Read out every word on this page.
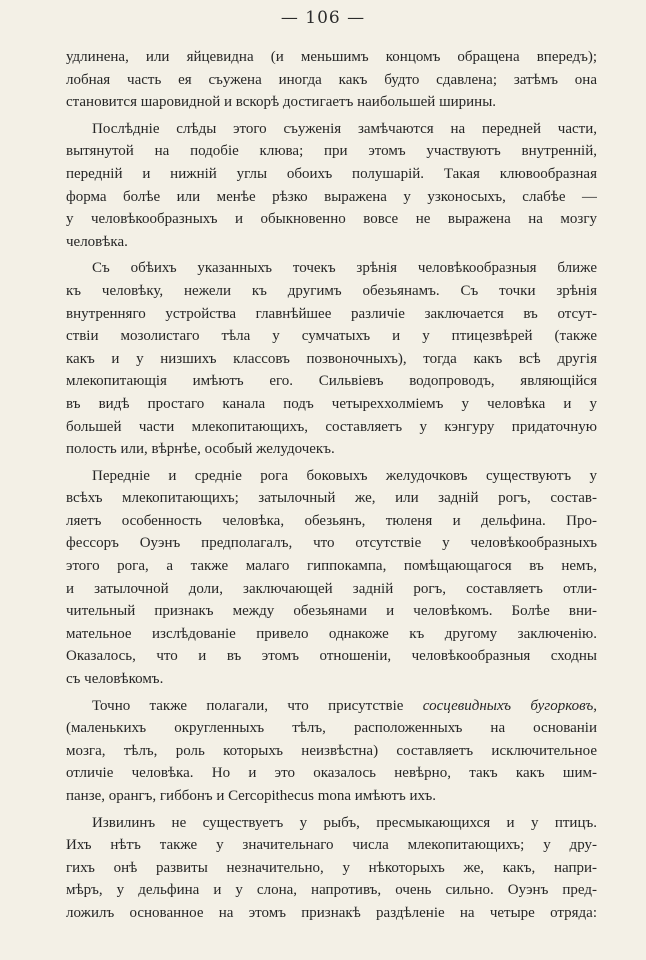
— 106 —
удлинена, или яйцевидна (и меньшимъ концомъ обращена впередъ);
лобная часть ея съужена иногда какъ будто сдавлена; затѣмъ она
становится шаровидной и вскорѣ достигаетъ наибольшей ширины.
Послѣдніе слѣды этого съуженія замѣчаются на передней части,
вытянутой на подобіе клюва; при этомъ участвуютъ внутренній,
передній и нижній углы обоихъ полушарій. Такая клювообразная
форма болѣе или менѣе рѣзко выражена у узконосыхъ, слабѣе —
у человѣкообразныхъ и обыкновенно вовсе не выражена на мозгу
человѣка.
Съ обѣихъ указанныхъ точекъ зрѣнія человѣкообразныя ближе
къ человѣку, нежели къ другимъ обезьянамъ. Съ точки зрѣнія
внутренняго устройства главнѣйшее различіе заключается въ отсут-
ствіи мозолистаго тѣла у сумчатыхъ и у птицезвѣрей (также
какъ и у низшихъ классовъ позвоночныхъ), тогда какъ всѣ другія
млекопитающія имѣютъ его. Сильвіевъ водопроводъ, являющійся
въ видѣ простаго канала подъ четыреххолміемъ у человѣка и у
большей части млекопитающихъ, составляетъ у кэнгуру придаточную
полость или, вѣрнѣе, особый желудочекъ.
Передніе и средніе рога боковыхъ желудочковъ существуютъ у
всѣхъ млекопитающихъ; затылочный же, или задній рогъ, состав-
ляетъ особенность человѣка, обезьянъ, тюленя и дельфина. Про-
фессоръ Оуэнъ предполагалъ, что отсутствіе у человѣкообразныхъ
этого рога, а также малаго гиппокампа, помѣщающагося въ немъ,
и затылочной доли, заключающей задній рогъ, составляетъ отли-
чительный признакъ между обезьянами и человѣкомъ. Болѣе вни-
мательное изслѣдованіе привело однакоже къ другому заключенію.
Оказалось, что и въ этомъ отношеніи, человѣкообразныя сходны
съ человѣкомъ.
Точно также полагали, что присутствіе сосцевидныхъ бугорковъ,
(маленькихъ округленныхъ тѣлъ, расположенныхъ на основаніи
мозга, тѣлъ, роль которыхъ неизвѣстна) составляетъ исключительное
отличіе человѣка. Но и это оказалось невѣрно, такъ какъ шим-
панзе, орангъ, гиббонъ и Cercopithecus mona имѣютъ ихъ.
Извилинъ не существуетъ у рыбъ, пресмыкающихся и у птицъ.
Ихъ нѣтъ также у значительнаго числа млекопитающихъ; у дру-
гихъ онѣ развиты незначительно, у нѣкоторыхъ же, какъ, напри-
мѣръ, у дельфина и у слона, напротивъ, очень сильно. Оуэнъ пред-
ложилъ основанное на этомъ признакѣ раздѣленіе на четыре отряда:
